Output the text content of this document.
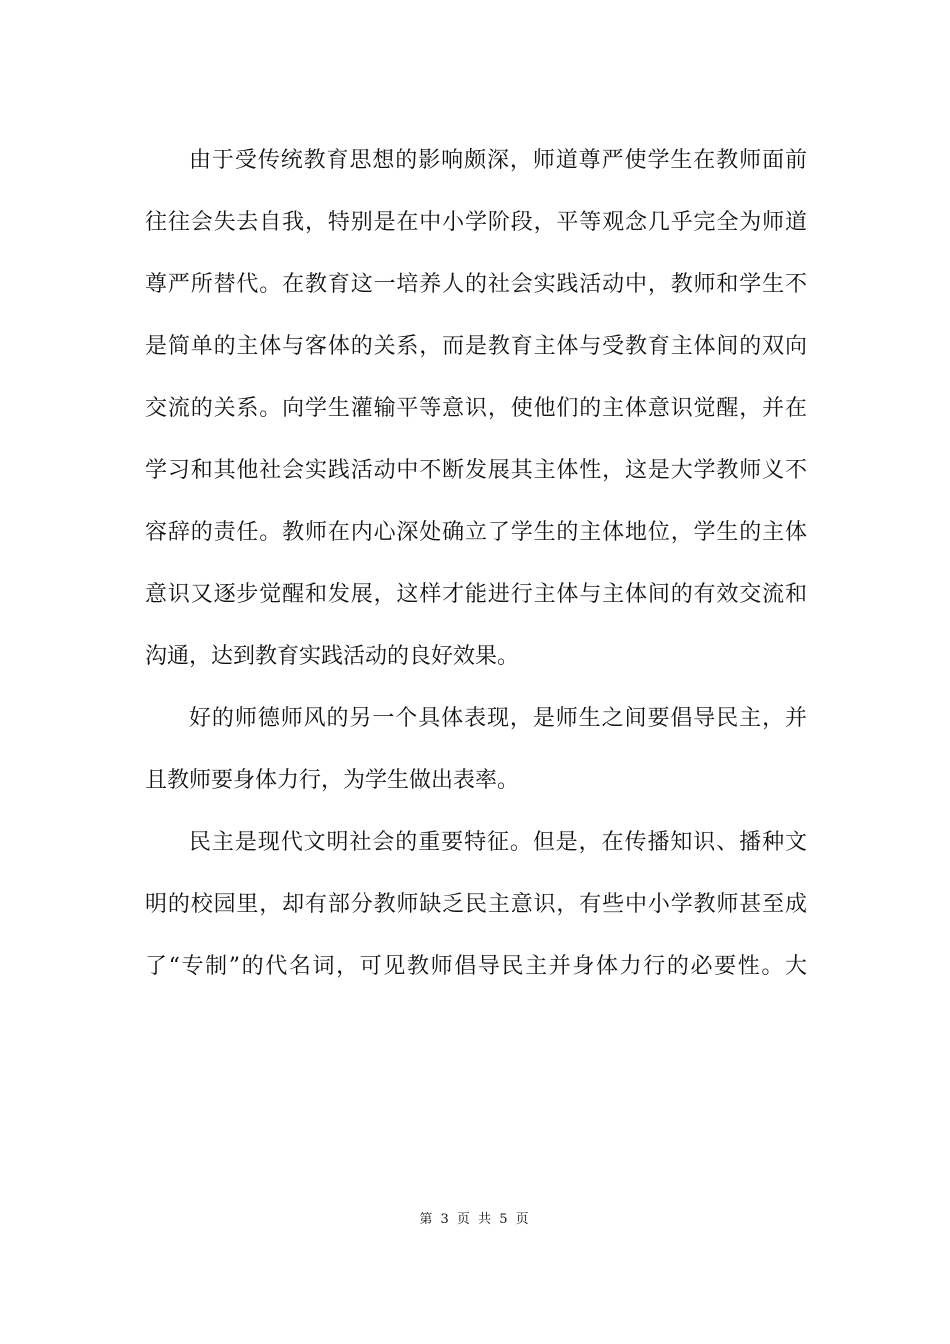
由于受传统教育思想的影响颇深，师道尊严使学生在教师面前
往往会失去自我，特别是在中小学阶段，平等观念几乎完全为师道
尊严所替代。在教育这一培养人的社会实践活动中，教师和学生不
是简单的主体与客体的关系，而是教育主体与受教育主体间的双向
交流的关系。向学生灌输平等意识，使他们的主体意识觉醒，并在
学习和其他社会实践活动中不断发展其主体性，这是大学教师义不
容辞的责任。教师在内心深处确立了学生的主体地位，学生的主体
意识又逐步觉醒和发展，这样才能进行主体与主体间的有效交流和
沟通，达到教育实践活动的良好效果。
好的师德师风的另一个具体表现，是师生之间要倡导民主，并
且教师要身体力行，为学生做出表率。
民主是现代文明社会的重要特征。但是，在传播知识、播种文
明的校园里，却有部分教师缺乏民主意识，有些中小学教师甚至成
了“专制”的代名词，可见教师倡导民主并身体力行的必要性。大
第 3 页 共 5 页
